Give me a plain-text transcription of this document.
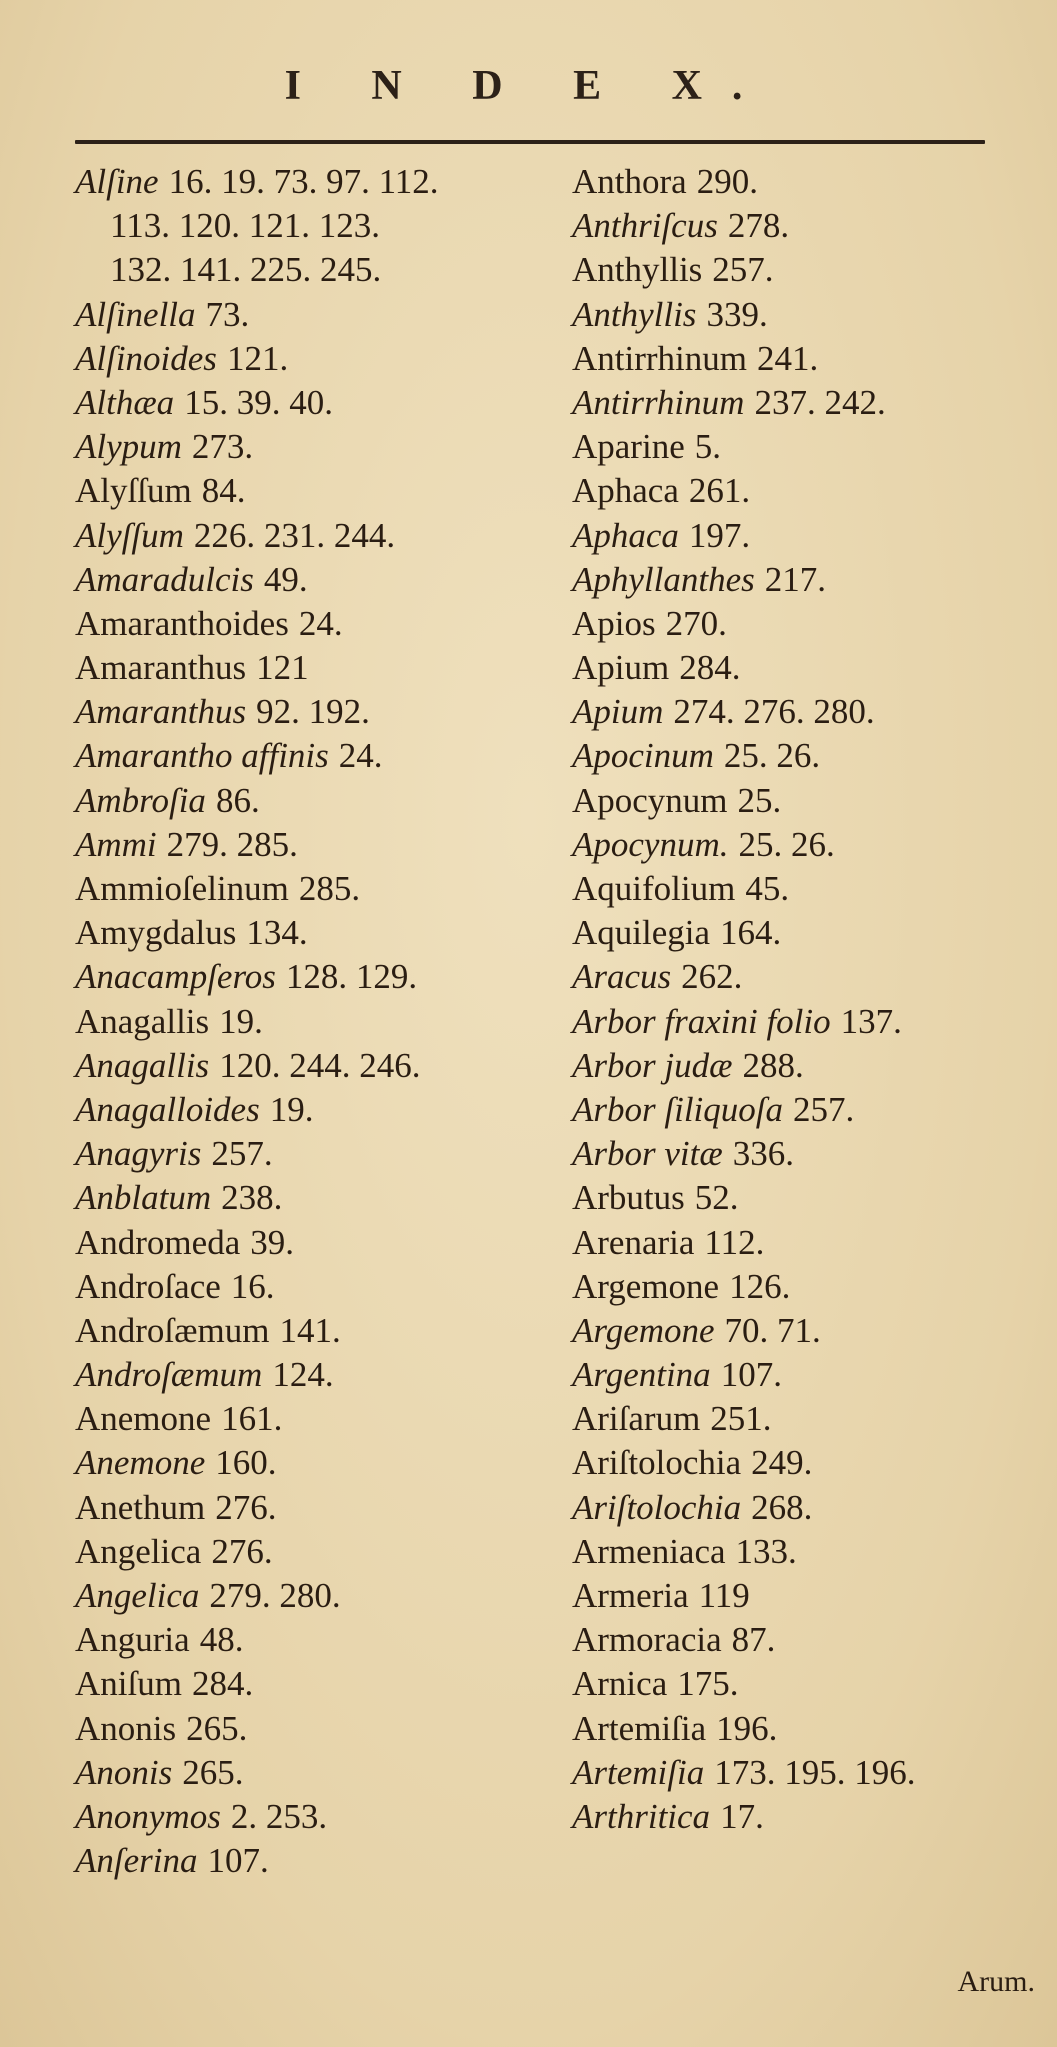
I N D E X.
Alſine 16. 19. 73. 97. 112.
113. 120. 121. 123.
132. 141. 225. 245.
Alſinella 73.
Alſinoides 121.
Althæa 15. 39. 40.
Alypum 273.
Alyſſum 84.
Alyſſum 226. 231. 244.
Amaradulcis 49.
Amaranthoides 24.
Amaranthus 121
Amaranthus 92. 192.
Amarantho affinis 24.
Ambroſia 86.
Ammi 279. 285.
Ammioſelinum 285.
Amygdalus 134.
Anacampſeros 128. 129.
Anagallis 19.
Anagallis 120. 244. 246.
Anagalloides 19.
Anagyris 257.
Anblatum 238.
Andromeda 39.
Androſace 16.
Androſæmum 141.
Androſæmum 124.
Anemone 161.
Anemone 160.
Anethum 276.
Angelica 276.
Angelica 279. 280.
Anguria 48.
Aniſum 284.
Anonis 265.
Anonis 265.
Anonymos 2. 253.
Anſerina 107.
Anthora 290.
Anthriſcus 278.
Anthyllis 257.
Anthyllis 339.
Antirrhinum 241.
Antirrhinum 237. 242.
Aparine 5.
Aphaca 261.
Aphaca 197.
Aphyllanthes 217.
Apios 270.
Apium 284.
Apium 274. 276. 280.
Apocinum 25. 26.
Apocynum 25.
Apocynum. 25. 26.
Aquifolium 45.
Aquilegia 164.
Aracus 262.
Arbor fraxini folio 137.
Arbor judæ 288.
Arbor ſiliquoſa 257.
Arbor vitæ 336.
Arbutus 52.
Arenaria 112.
Argemone 126.
Argemone 70. 71.
Argentina 107.
Ariſarum 251.
Ariſtolochia 249.
Ariſtolochia 268.
Armeniaca 133.
Armeria 119
Armoracia 87.
Arnica 175.
Artemiſia 196.
Artemiſia 173. 195. 196.
Arthritica 17.
Arum.
